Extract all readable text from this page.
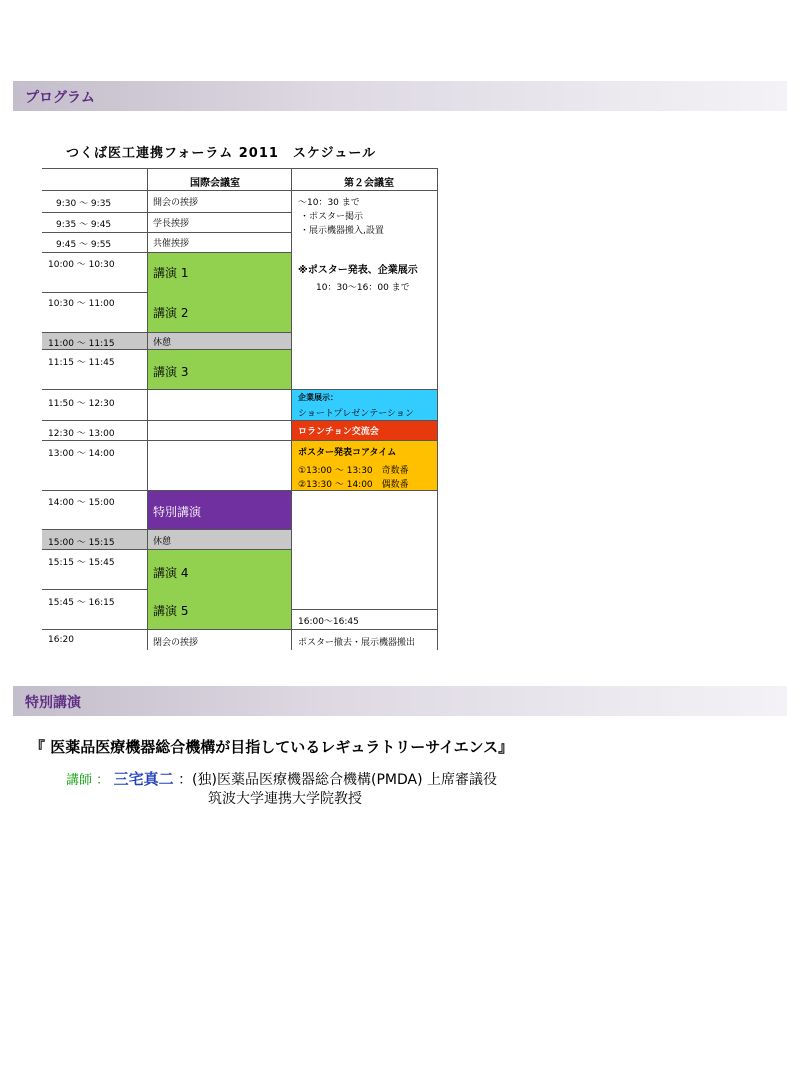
プログラム
つくば医工連携フォーラム 2011　スケジュール
国際会議室	第２会議室
9:30 〜 9:35
9:35 〜 9:45
9:45 〜 9:55
10:00 〜 10:30
10:30 〜 11:00
11:00 〜 11:15
11:15 〜 11:45
11:50 〜 12:30
12:30 〜 13:00
13:00 〜 14:00
14:00 〜 15:00
15:00 〜 15:15
15:15 〜 15:45
15:45 〜 16:15
16:20
開会の挨拶
学長挨拶
共催挨拶
講演 1
講演 2
休憩
講演 3
特別講演
休憩
講演 4
講演 5
閉会の挨拶
〜10：30 まで
・ポスター掲示
・展示機器搬入,設置
※ポスター発表、企業展示
10：30〜16：00 まで
企業展示：
ショートプレゼンテーション
ロランチョン交流会
ポスター発表コアタイム
①13:00 〜 13:30　奇数番
②13:30 〜 14:00　偶数番
16:00〜16:45
ポスター撤去・展示機器搬出
特別講演
『 医薬品医療機器総合機構が目指しているレギュラトリーサイエンス』
講師 ： 三宅真二 ：(独)医薬品医療機器総合機構(PMDA) 上席審議役
筑波大学連携大学院教授
